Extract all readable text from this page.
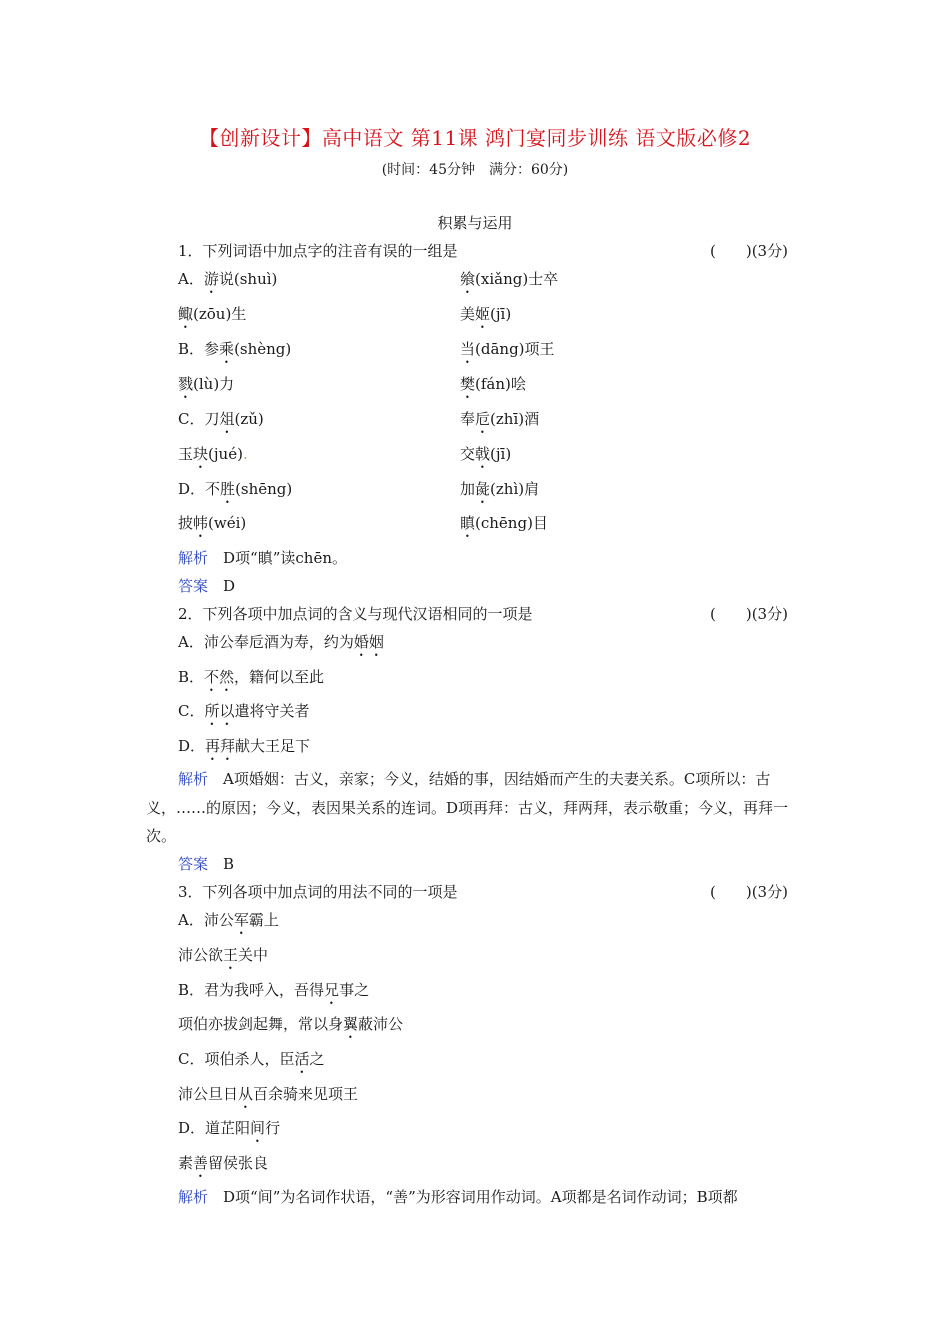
【创新设计】高中语文 第11课 鸿门宴同步训练 语文版必修2
(时间：45分钟　满分：60分)
积累与运用
1．下列词语中加点字的注音有误的一组是	(　　)(3分)
A．游说(shuì)	飨(xiǎng)士卒
鲰(zōu)生	美姬(jī)
B．参乘(shèng)	当(dāng)项王
戮(lù)力	樊(fán)哙
C．刀俎(zǔ)	奉卮(zhī)酒
玉玦(jué).	交戟(jī)
D．不胜(shēng)	加彘(zhì)肩
披帏(wéi)	瞋(chēng)目
解析　 D项“瞋”读chēn。
答案　 D
2．下列各项中加点词的含义与现代汉语相同的一项是	(　　)(3分)
A．沛公奉卮酒为寿，约为婚姻
B．不然，籍何以至此
C．所以遣将守关者
D．再拜献大王足下
解析　 A项婚姻：古义，亲家；今义，结婚的事，因结婚而产生的夫妻关系。C项所以：古义，……的原因；今义，表因果关系的连词。D项再拜：古义，拜两拜，表示敬重；今义，再拜一次。
答案　 B
3．下列各项中加点词的用法不同的一项是	(　　)(3分)
A．沛公军霸上
沛公欲王关中
B．君为我呼入，吾得兄事之
项伯亦拔剑起舞，常以身翼蔽沛公
C．项伯杀人，臣活之
沛公旦日从百余骑来见项王
D．道芷阳间行
素善留侯张良
解析　 D项“间”为名词作状语，“善”为形容词用作动词。A项都是名词作动词；B项都
